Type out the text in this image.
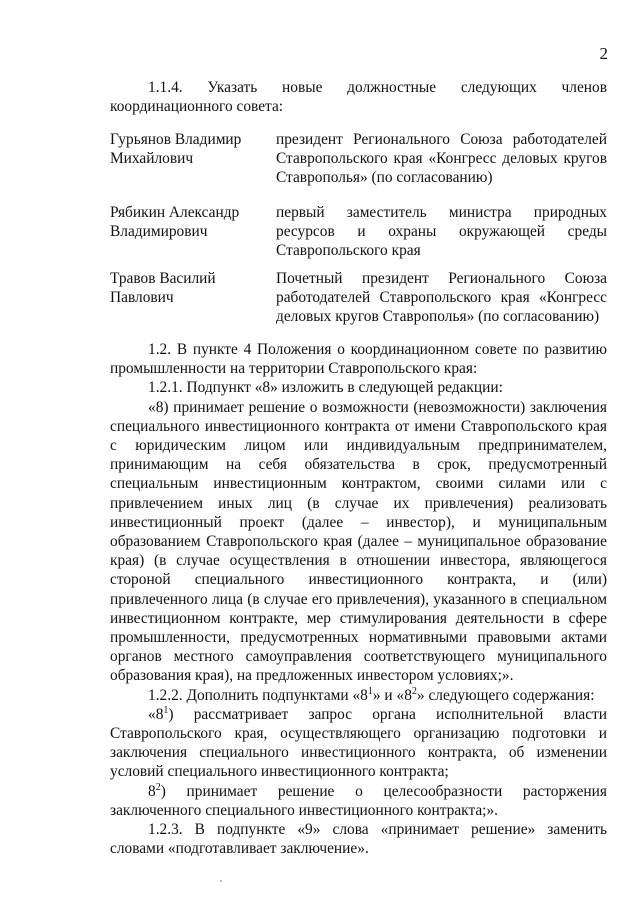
2
1.1.4. Указать новые должностные следующих членов координационного совета:
Гурьянов Владимир
Михайлович
президент Регионального Союза работодателей Ставропольского края «Конгресс деловых кругов Ставрополья» (по согласованию)
Рябикин Александр
Владимирович
первый заместитель министра природных ресурсов и охраны окружающей среды Ставропольского края
Травов Василий
Павлович
Почетный президент Регионального Союза работодателей Ставропольского края «Конгресс деловых кругов Ставрополья» (по согласованию)

1.2. В пункте 4 Положения о координационном совете по развитию промышленности на территории Ставропольского края:

1.2.1. Подпункт «8» изложить в следующей редакции:

«8) принимает решение о возможности (невозможности) заключения специального инвестиционного контракта от имени Ставропольского края с юридическим лицом или индивидуальным предпринимателем, принимающим на себя обязательства в срок, предусмотренный специальным инвестиционным контрактом, своими силами или с привлечением иных лиц (в случае их привлечения) реализовать инвестиционный проект (далее – инвестор), и муниципальным образованием Ставропольского края (далее – муниципальное образование края) (в случае осуществления в отношении инвестора, являющегося стороной специального инвестиционного контракта, и (или) привлеченного лица (в случае его привлечения), указанного в специальном инвестиционном контракте, мер стимулирования деятельности в сфере промышленности, предусмотренных нормативными правовыми актами органов местного самоуправления соответствующего муниципального образования края), на предложенных инвестором условиях;».

1.2.2. Дополнить подпунктами «$8^1$» и «$8^2$» следующего содержания:

«$8^1$) рассматривает запрос органа исполнительной власти Ставропольского края, осуществляющего организацию подготовки и заключения специального инвестиционного контракта, об изменении условий специального инвестиционного контракта;

$8^2$) принимает решение о целесообразности расторжения заключенного специального инвестиционного контракта;».

1.2.3. В подпункте «9» слова «принимает решение» заменить словами «подготавливает заключение».
